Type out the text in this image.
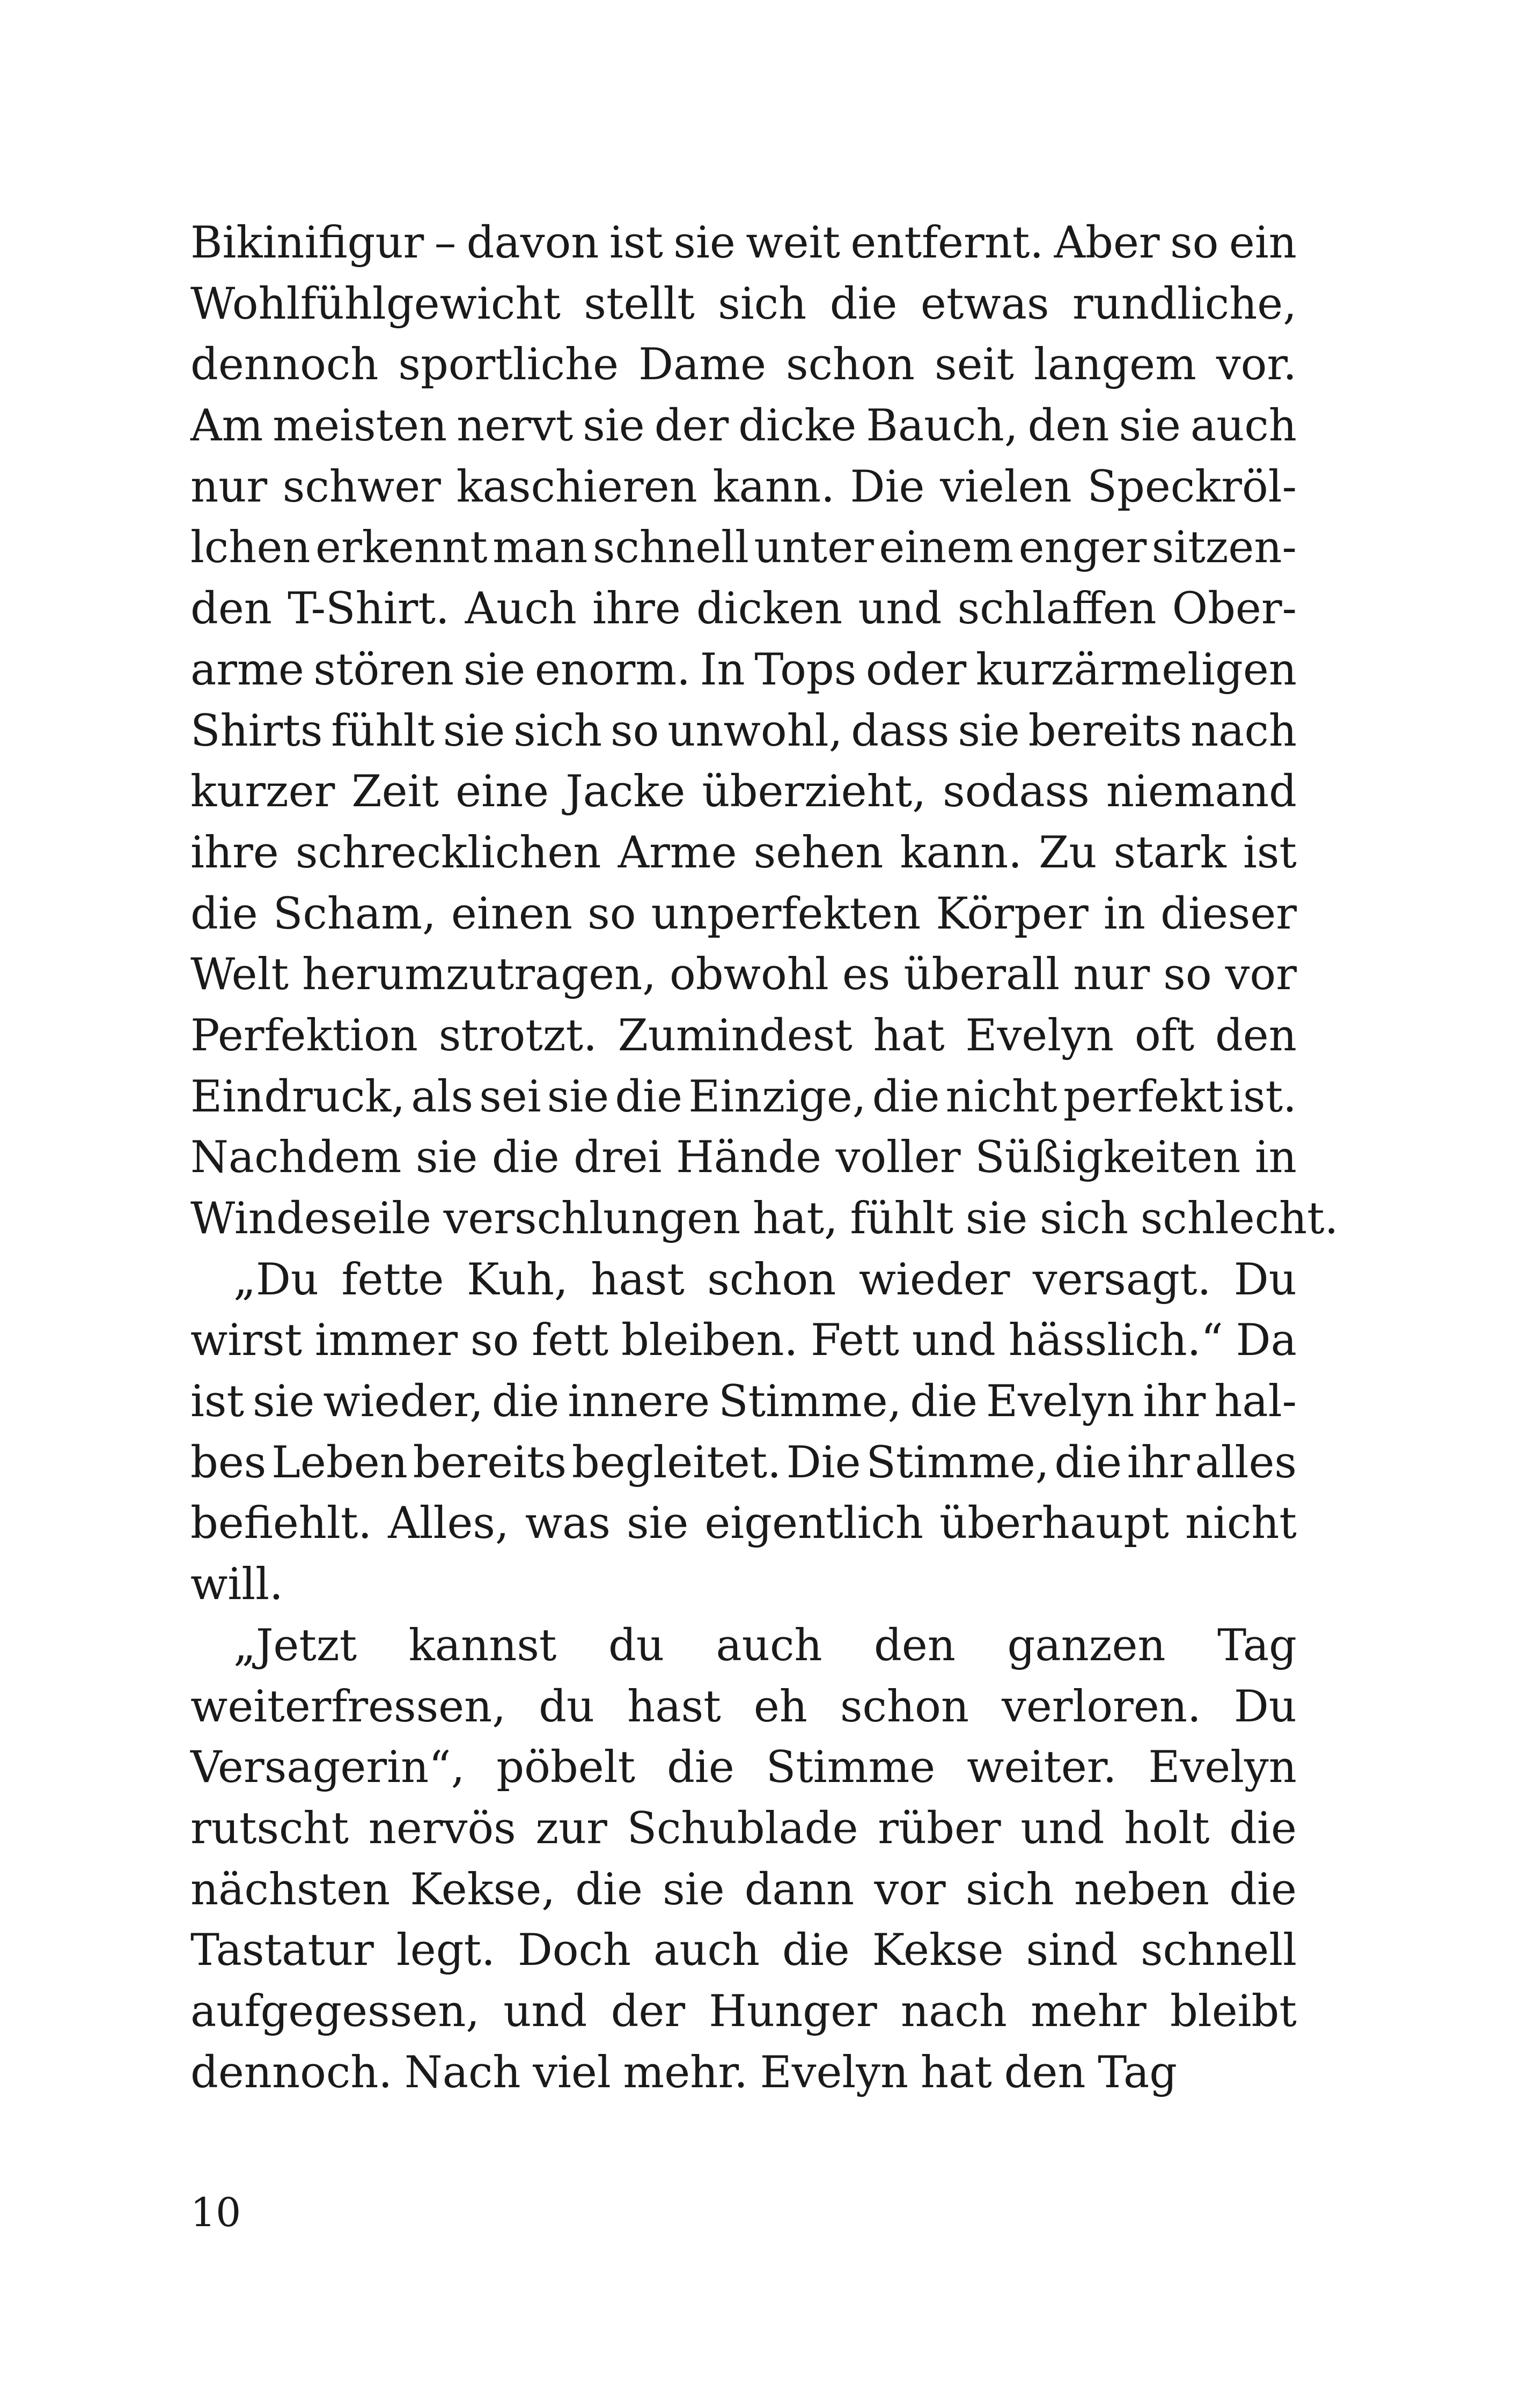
Bikinifigur – davon ist sie weit entfernt. Aber so ein
Wohlfühlgewicht stellt sich die etwas rundliche,
dennoch sportliche Dame schon seit langem vor.
Am meisten nervt sie der dicke Bauch, den sie auch
nur schwer kaschieren kann. Die vielen Speckröl-
lchen erkennt man schnell unter einem enger sitzen-
den T-Shirt. Auch ihre dicken und schlaffen Ober-
arme stören sie enorm. In Tops oder kurzärmeligen
Shirts fühlt sie sich so unwohl, dass sie bereits nach
kurzer Zeit eine Jacke überzieht, sodass niemand
ihre schrecklichen Arme sehen kann. Zu stark ist
die Scham, einen so unperfekten Körper in dieser
Welt herumzutragen, obwohl es überall nur so vor
Perfektion strotzt. Zumindest hat Evelyn oft den
Eindruck, als sei sie die Einzige, die nicht perfekt ist.
Nachdem sie die drei Hände voller Süßigkeiten in
Windeseile verschlungen hat, fühlt sie sich schlecht.
„Du fette Kuh, hast schon wieder versagt. Du
wirst immer so fett bleiben. Fett und hässlich.“ Da
ist sie wieder, die innere Stimme, die Evelyn ihr hal-
bes Leben bereits begleitet. Die Stimme, die ihr alles
befiehlt. Alles, was sie eigentlich überhaupt nicht
will.
„Jetzt kannst du auch den ganzen Tag
weiterfressen, du hast eh schon verloren. Du
Versagerin“, pöbelt die Stimme weiter. Evelyn
rutscht nervös zur Schublade rüber und holt die
nächsten Kekse, die sie dann vor sich neben die
Tastatur legt. Doch auch die Kekse sind schnell
aufgegessen, und der Hunger nach mehr bleibt
dennoch. Nach viel mehr. Evelyn hat den Tag
10
